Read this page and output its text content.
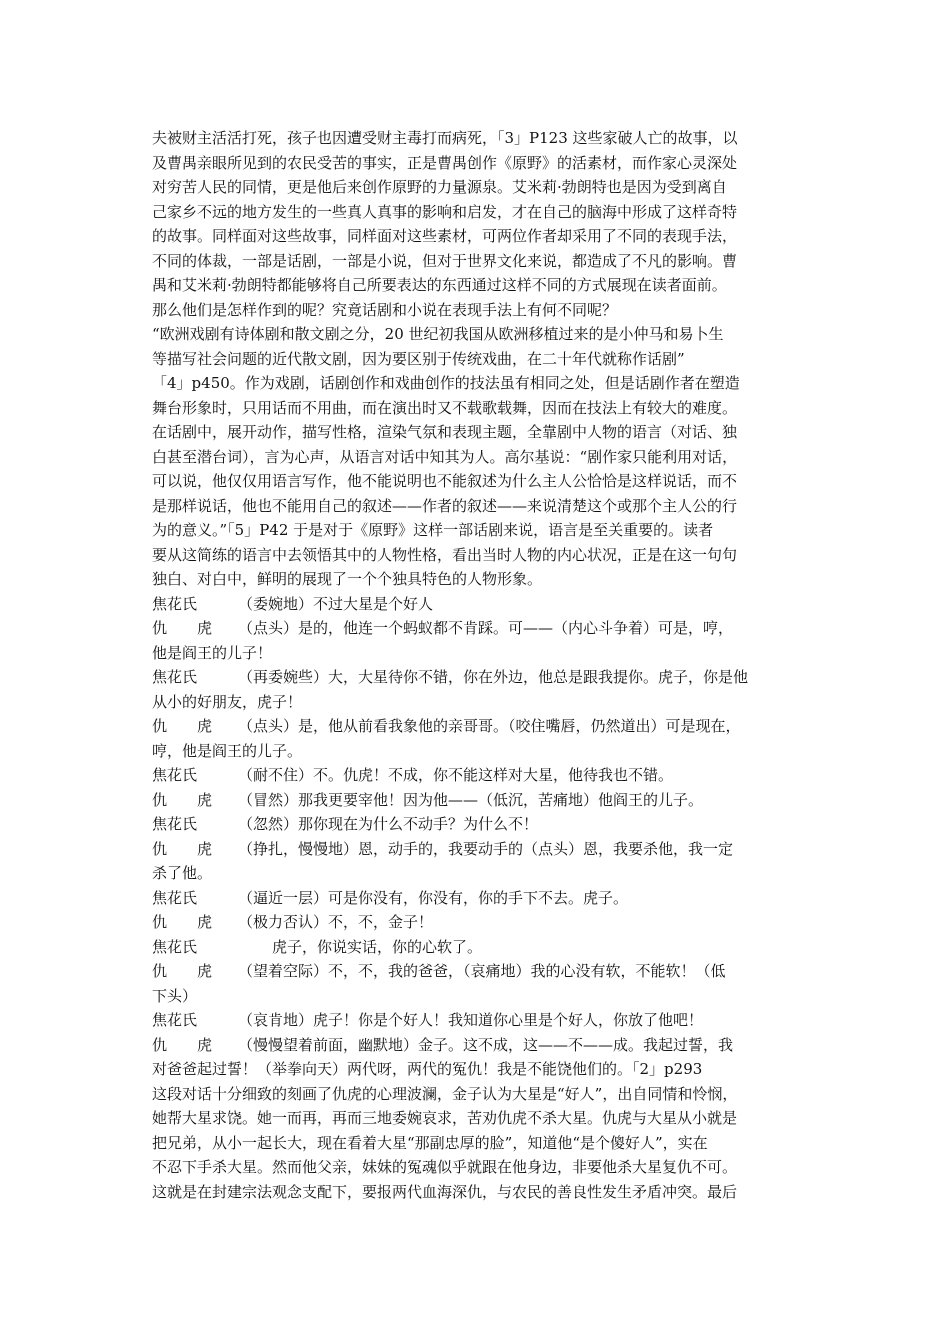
夫被财主活活打死，孩子也因遭受财主毒打而病死，「3」P123 这些家破人亡的故事，以
及曹禺亲眼所见到的农民受苦的事实，正是曹禺创作《原野》的活素材，而作家心灵深处
对穷苦人民的同情，更是他后来创作原野的力量源泉。艾米莉·勃朗特也是因为受到离自
己家乡不远的地方发生的一些真人真事的影响和启发，才在自己的脑海中形成了这样奇特
的故事。同样面对这些故事，同样面对这些素材，可两位作者却采用了不同的表现手法，
不同的体裁，一部是话剧，一部是小说，但对于世界文化来说，都造成了不凡的影响。曹
禺和艾米莉·勃朗特都能够将自己所要表达的东西通过这样不同的方式展现在读者面前。
那么他们是怎样作到的呢？究竟话剧和小说在表现手法上有何不同呢？
“欧洲戏剧有诗体剧和散文剧之分，20 世纪初我国从欧洲移植过来的是小仲马和易卜生
等描写社会问题的近代散文剧，因为要区别于传统戏曲，在二十年代就称作话剧”
「4」p450。作为戏剧，话剧创作和戏曲创作的技法虽有相同之处，但是话剧作者在塑造
舞台形象时，只用话而不用曲，而在演出时又不载歌载舞，因而在技法上有较大的难度。
在话剧中，展开动作，描写性格，渲染气氛和表现主题，全靠剧中人物的语言（对话、独
白甚至潜台词），言为心声，从语言对话中知其为人。高尔基说：“剧作家只能利用对话，
可以说，他仅仅用语言写作，他不能说明也不能叙述为什么主人公恰恰是这样说话，而不
是那样说话，他也不能用自己的叙述——作者的叙述——来说清楚这个或那个主人公的行
为的意义。”「5」P42 于是对于《原野》这样一部话剧来说，语言是至关重要的。读者
要从这简练的语言中去领悟其中的人物性格，看出当时人物的内心状况，正是在这一句句
独白、对白中，鲜明的展现了一个个独具特色的人物形象。
焦花氏	（委婉地）不过大星是个好人
仇　　虎 （点头）是的，他连一个蚂蚁都不肯踩。可——（内心斗争着）可是，哼，
他是阎王的儿子！
焦花氏	（再委婉些）大，大星待你不错，你在外边，他总是跟我提你。虎子，你是他
从小的好朋友，虎子！
仇　　虎 （点头）是，他从前看我象他的亲哥哥。（咬住嘴唇，仍然道出）可是现在，
哼，他是阎王的儿子。
焦花氏	（耐不住）不。仇虎！不成，你不能这样对大星，他待我也不错。
仇　　虎 （冒然）那我更要宰他！因为他——（低沉，苦痛地）他阎王的儿子。
焦花氏	（忽然）那你现在为什么不动手？为什么不！
仇　　虎 （挣扎，慢慢地）恩，动手的，我要动手的（点头）恩，我要杀他，我一定
杀了他。
焦花氏	（逼近一层）可是你没有，你没有，你的手下不去。虎子。
仇　　虎 （极力否认）不，不，金子！
焦花氏	虎子，你说实话，你的心软了。
仇　　虎 （望着空际）不，不，我的爸爸，（哀痛地）我的心没有软，不能软！（低
下头）
焦花氏	（哀肯地）虎子！你是个好人！我知道你心里是个好人，你放了他吧！
仇　　虎 （慢慢望着前面，幽默地）金子。这不成，这——不——成。我起过誓，我
对爸爸起过誓！（举拳向天）两代呀，两代的冤仇！我是不能饶他们的。「2」p293
这段对话十分细致的刻画了仇虎的心理波澜，金子认为大星是“好人”，出自同情和怜悯，
她帮大星求饶。她一而再，再而三地委婉哀求，苦劝仇虎不杀大星。仇虎与大星从小就是
把兄弟，从小一起长大，现在看着大星“那副忠厚的脸”，知道他“是个傻好人”，实在
不忍下手杀大星。然而他父亲，妹妹的冤魂似乎就跟在他身边，非要他杀大星复仇不可。
这就是在封建宗法观念支配下，要报两代血海深仇，与农民的善良性发生矛盾冲突。最后
